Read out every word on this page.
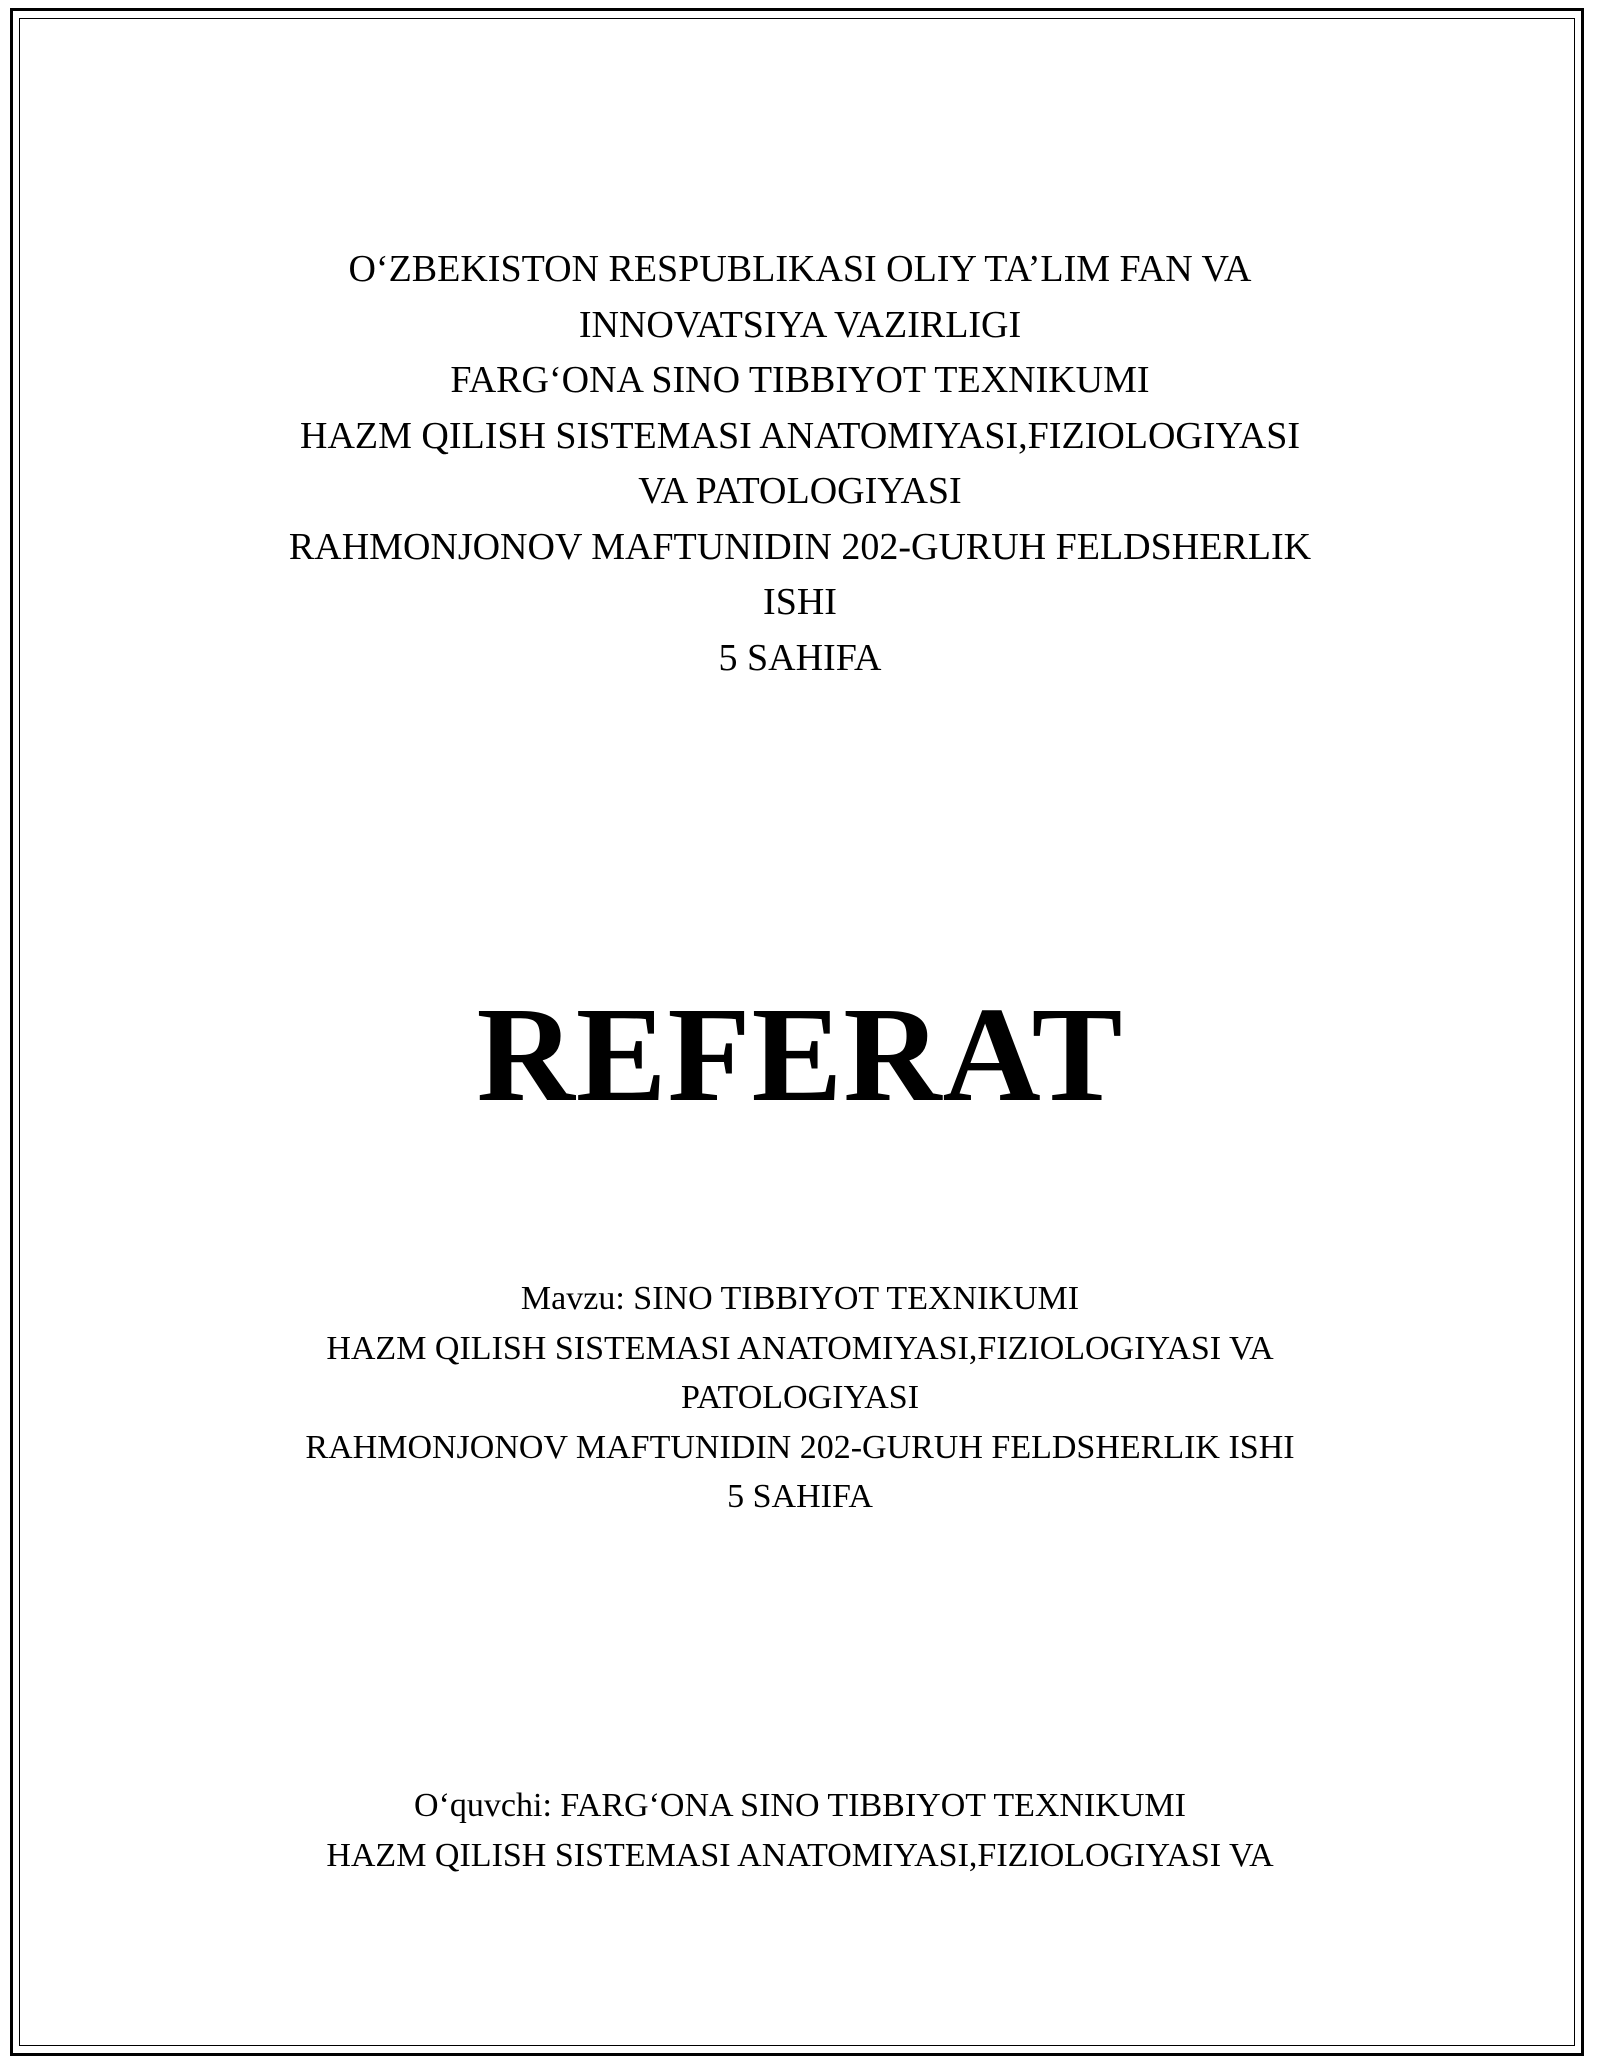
O‘ZBEKISTON RESPUBLIKASI OLIY TA’LIM FAN VA
INNOVATSIYA VAZIRLIGI
FARG‘ONA SINO TIBBIYOT TEXNIKUMI
HAZM QILISH SISTEMASI ANATOMIYASI,FIZIOLOGIYASI
VA PATOLOGIYASI
RAHMONJONOV MAFTUNIDIN 202-GURUH FELDSHERLIK
ISHI
5 SAHIFA
REFERAT
Mavzu: SINO TIBBIYOT TEXNIKUMI
HAZM QILISH SISTEMASI ANATOMIYASI,FIZIOLOGIYASI VA
PATOLOGIYASI
RAHMONJONOV MAFTUNIDIN 202-GURUH FELDSHERLIK ISHI
5 SAHIFA
O‘quvchi: FARG‘ONA SINO TIBBIYOT TEXNIKUMI
HAZM QILISH SISTEMASI ANATOMIYASI,FIZIOLOGIYASI VA
